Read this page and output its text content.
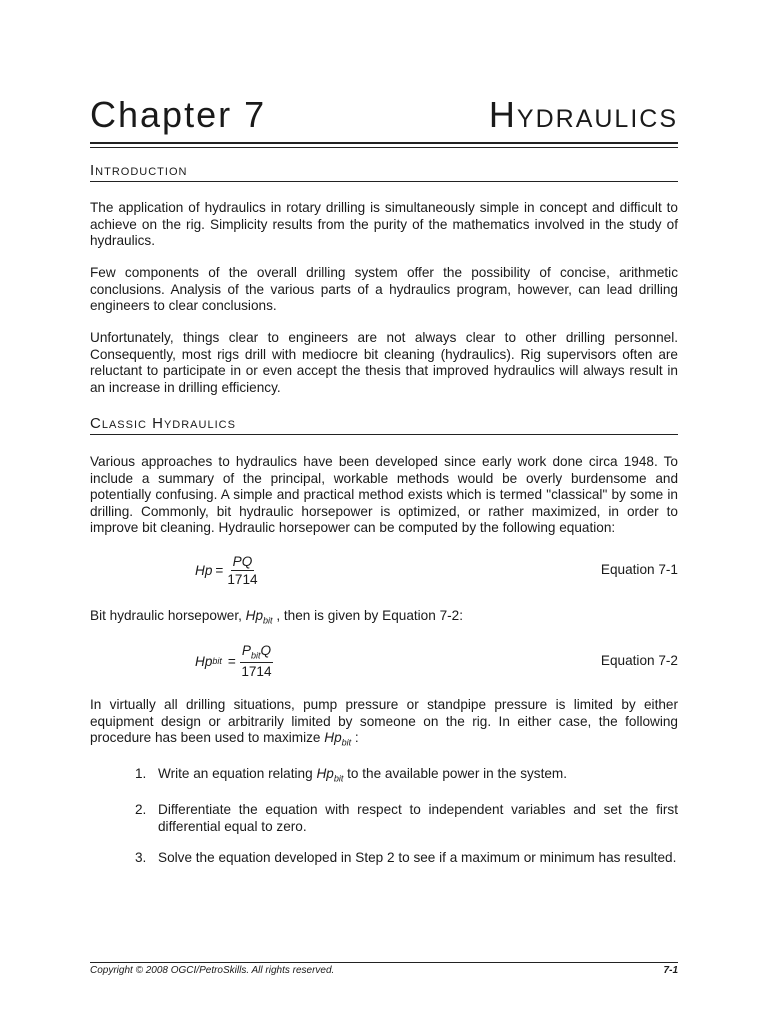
Chapter 7	Hydraulics
Introduction

The application of hydraulics in rotary drilling is simultaneously simple in concept and difficult to achieve on the rig. Simplicity results from the purity of the mathematics involved in the study of hydraulics.

Few components of the overall drilling system offer the possibility of concise, arithmetic conclusions. Analysis of the various parts of a hydraulics program, however, can lead drilling engineers to clear conclusions.

Unfortunately, things clear to engineers are not always clear to other drilling personnel. Consequently, most rigs drill with mediocre bit cleaning (hydraulics). Rig supervisors often are reluctant to participate in or even accept the thesis that improved hydraulics will always result in an increase in drilling efficiency.

Classic Hydraulics

Various approaches to hydraulics have been developed since early work done circa 1948. To include a summary of the principal, workable methods would be overly burdensome and potentially confusing. A simple and practical method exists which is termed "classical" by some in drilling. Commonly, bit hydraulic horsepower is optimized, or rather maximized, in order to improve bit cleaning. Hydraulic horsepower can be computed by the following equation:

$Hp = \frac{PQ}{1714}$	Equation 7-1

Bit hydraulic horsepower, $Hp_{bit}$ , then is given by Equation 7-2:

Hp bit = $\frac{P_{bit}Q}{1714}$	Equation 7-2

In virtually all drilling situations, pump pressure or standpipe pressure is limited by either equipment design or arbitrarily limited by someone on the rig. In either case, the following procedure has been used to maximize $Hp_{bit}$ :

1. Write an equation relating $Hp_{bit}$ to the available power in the system.
2. Differentiate the equation with respect to independent variables and set the first differential equal to zero.
3. Solve the equation developed in Step 2 to see if a maximum or minimum has resulted.
Copyright © 2008 OGCI/PetroSkills. All rights reserved.	7-1
